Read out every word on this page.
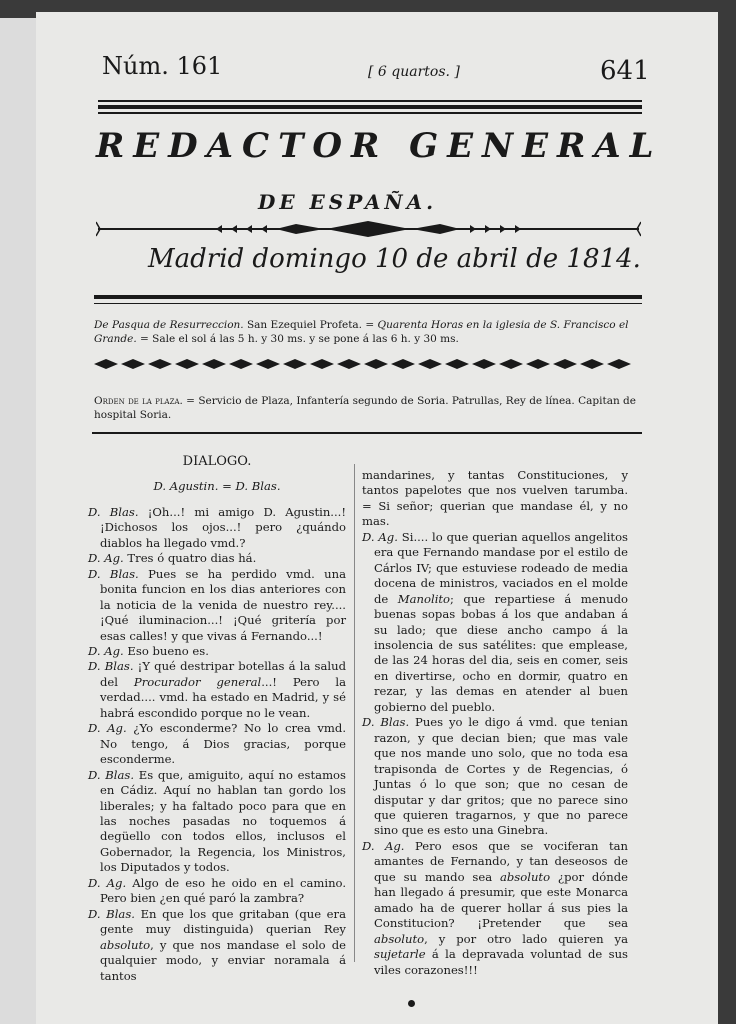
Núm. 161	[ 6 quartos. ]	641
REDACTOR GENERAL
DE ESPAÑA.
Madrid domingo 10 de abril de 1814.
De Pasqua de Resurreccion. San Ezequiel Profeta. = Quarenta Horas en la iglesia de S. Francisco el Grande. = Sale el sol á las 5 h. y 30 ms. y se pone á las 6 h. y 30 ms.
Orden de la plaza. = Servicio de Plaza, Infantería segundo de Soria. Patrullas, Rey de línea. Capitan de hospital Soria.

DIALOGO.

D. Agustin. = D. Blas.

D. Blas. ¡Oh...! mi amigo D. Agustin...! ¡Dichosos los ojos...! pero ¿quándo diablos ha llegado vmd.?

D. Ag. Tres ó quatro dias há.

D. Blas. Pues se ha perdido vmd. una bonita funcion en los dias anteriores con la noticia de la venida de nuestro rey.... ¡Qué iluminacion...! ¡Qué gritería por esas calles! y que vivas á Fernando...!

D. Ag. Eso bueno es.

D. Blas. ¡Y qué destripar botellas á la salud del Procurador general...! Pero la verdad.... vmd. ha estado en Madrid, y sé habrá escondido porque no le vean.

D. Ag. ¿Yo esconderme? No lo crea vmd. No tengo, á Dios gracias, porque esconderme.

D. Blas. Es que, amiguito, aquí no estamos en Cádiz. Aquí no hablan tan gordo los liberales; y ha faltado poco para que en las noches pasadas no toquemos á degüello con todos ellos, inclusos el Gobernador, la Regencia, los Ministros, los Diputados y todos.

D. Ag. Algo de eso he oido en el camino. Pero bien ¿en qué paró la zambra?

D. Blas. En que los que gritaban (que era gente muy distinguida) querian Rey absoluto, y que nos mandase el solo de qualquier modo, y enviar noramala á tantos

mandarines, y tantas Constituciones, y tantos papelotes que nos vuelven tarumba. = Si señor; querian que mandase él, y no mas.

D. Ag. Si.... lo que querian aquellos angelitos era que Fernando mandase por el estilo de Cárlos IV; que estuviese rodeado de media docena de ministros, vaciados en el molde de Manolito; que repartiese á menudo buenas sopas bobas á los que andaban á su lado; que diese ancho campo á la insolencia de sus satélites: que emplease, de las 24 horas del dia, seis en comer, seis en divertirse, ocho en dormir, quatro en rezar, y las demas en atender al buen gobierno del pueblo.

D. Blas. Pues yo le digo á vmd. que tenian razon, y que decian bien; que mas vale que nos mande uno solo, que no toda esa trapisonda de Cortes y de Regencias, ó Juntas ó lo que son; que no cesan de disputar y dar gritos; que no parece sino que quieren tragarnos, y que no parece sino que es esto una Ginebra.

D. Ag. Pero esos que se vociferan tan amantes de Fernando, y tan deseosos de que su mando sea absoluto ¿por dónde han llegado á presumir, que este Monarca amado ha de querer hollar á sus pies la Constitucion? ¡Pretender que sea absoluto, y por otro lado quieren ya sujetarle á la depravada voluntad de sus viles corazones!!!
